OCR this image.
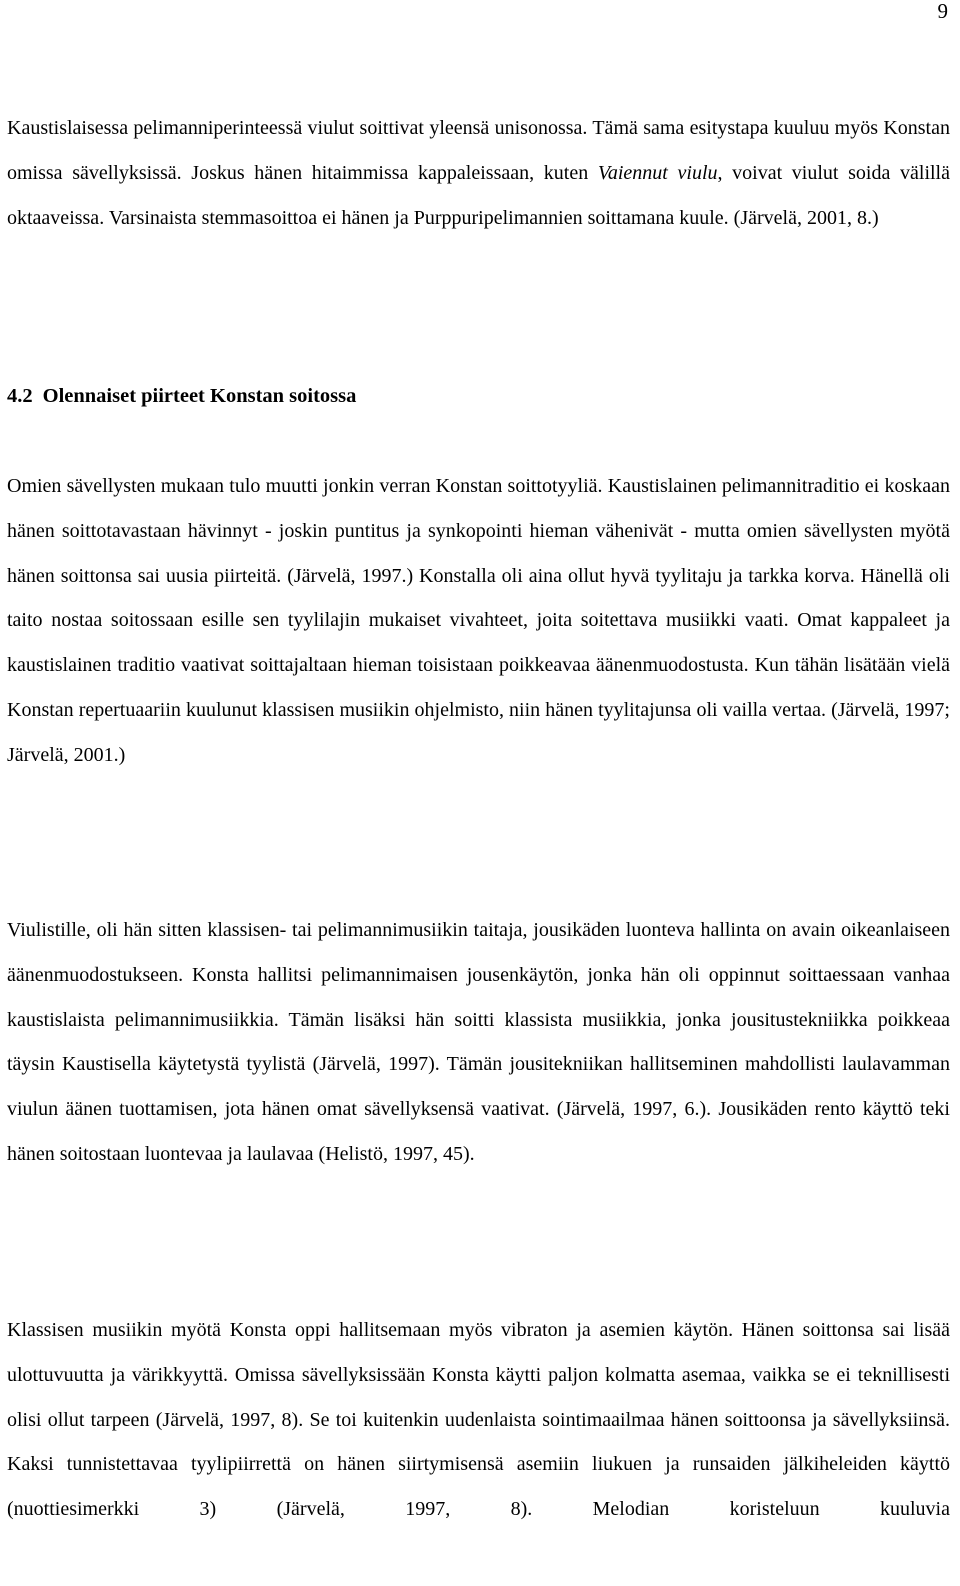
9

Kaustislaisessa pelimanniperinteessä viulut soittivat yleensä unisonossa. Tämä sama esitystapa kuuluu myös Konstan omissa sävellyksissä. Joskus hänen hitaimmissa kappaleissaan, kuten Vaiennut viulu, voivat viulut soida välillä oktaaveissa. Varsinaista stemmasoittoa ei hänen ja Purppuripelimannien soittamana kuule. (Järvelä, 2001, 8.)

4.2 Olennaiset piirteet Konstan soitossa

Omien sävellysten mukaan tulo muutti jonkin verran Konstan soittotyyliä. Kaustislainen pelimannitraditio ei koskaan hänen soittotavastaan hävinnyt - joskin puntitus ja synkopointi hieman vähenivät - mutta omien sävellysten myötä hänen soittonsa sai uusia piirteitä. (Järvelä, 1997.) Konstalla oli aina ollut hyvä tyylitaju ja tarkka korva. Hänellä oli taito nostaa soitossaan esille sen tyylilajin mukaiset vivahteet, joita soitettava musiikki vaati. Omat kappaleet ja kaustislainen traditio vaativat soittajaltaan hieman toisistaan poikkeavaa äänenmuodostusta. Kun tähän lisätään vielä Konstan repertuaariin kuulunut klassisen musiikin ohjelmisto, niin hänen tyylitajunsa oli vailla vertaa. (Järvelä, 1997; Järvelä, 2001.)

Viulistille, oli hän sitten klassisen- tai pelimannimusiikin taitaja, jousikäden luonteva hallinta on avain oikeanlaiseen äänenmuodostukseen. Konsta hallitsi pelimannimaisen jousenkäytön, jonka hän oli oppinnut soittaessaan vanhaa kaustislaista pelimannimusiikkia. Tämän lisäksi hän soitti klassista musiikkia, jonka jousitustekniikka poikkeaa täysin Kaustisella käytetystä tyylistä (Järvelä, 1997). Tämän jousitekniikan hallitseminen mahdollisti laulavamman viulun äänen tuottamisen, jota hänen omat sävellyksensä vaativat. (Järvelä, 1997, 6.). Jousikäden rento käyttö teki hänen soitostaan luontevaa ja laulavaa (Helistö, 1997, 45).

Klassisen musiikin myötä Konsta oppi hallitsemaan myös vibraton ja asemien käytön. Hänen soittonsa sai lisää ulottuvuutta ja värikkyyttä. Omissa sävellyksissään Konsta käytti paljon kolmatta asemaa, vaikka se ei teknillisesti olisi ollut tarpeen (Järvelä, 1997, 8). Se toi kuitenkin uudenlaista sointimaailmaa hänen soittoonsa ja sävellyksiinsä. Kaksi tunnistettavaa tyylipiirrettä on hänen siirtymisensä asemiin liukuen ja runsaiden jälkiheleiden käyttö (nuottiesimerkki 3) (Järvelä, 1997, 8). Melodian koristeluun kuuluvia
